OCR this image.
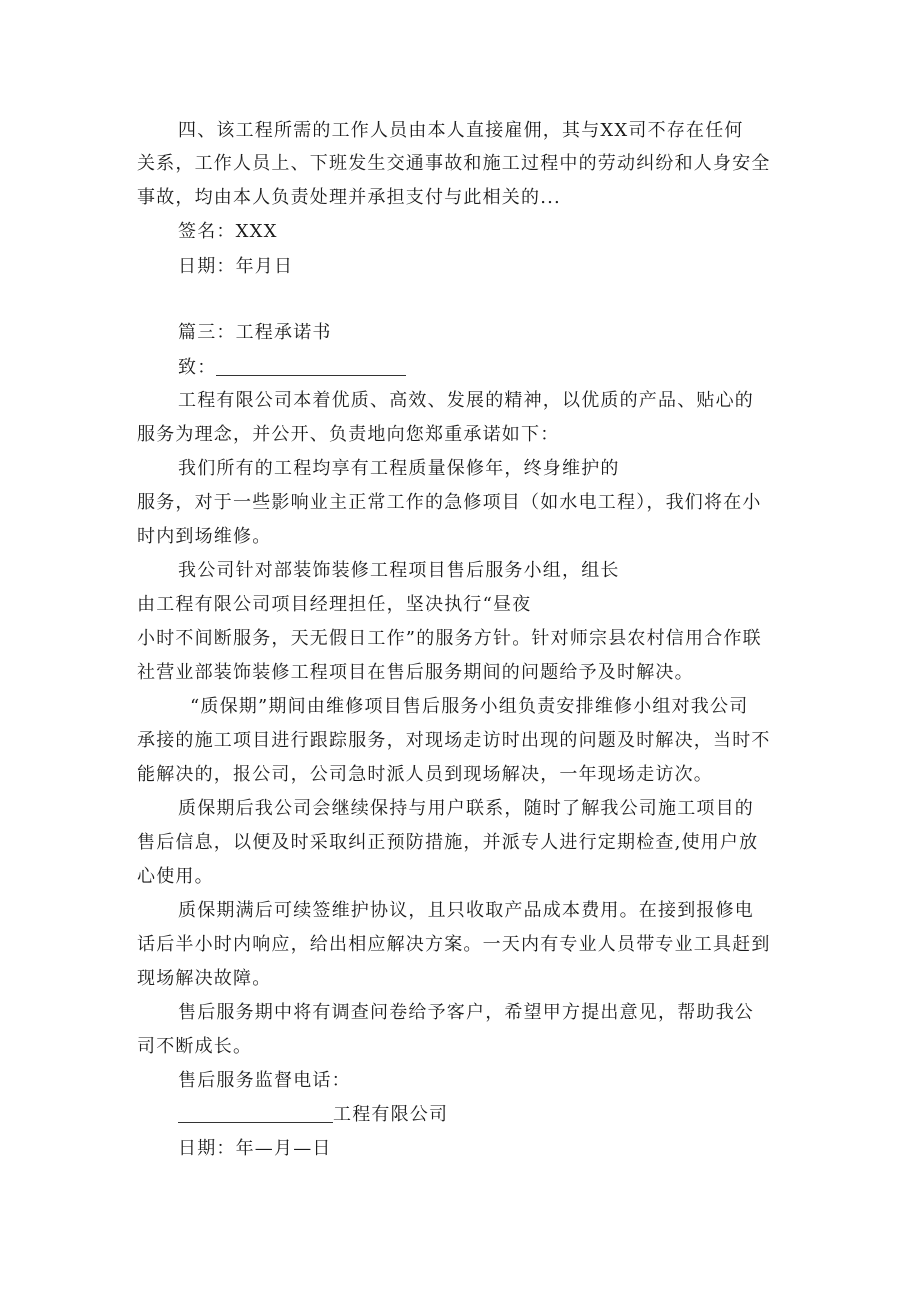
四、该工程所需的工作人员由本人直接雇佣，其与XX司不存在任何
关系，工作人员上、下班发生交通事故和施工过程中的劳动纠纷和人身安全
事故，均由本人负责处理并承担支付与此相关的...
签名：XXX
日期：年月日
篇三：工程承诺书
致：
工程有限公司本着优质、高效、发展的精神，以优质的产品、贴心的
服务为理念，并公开、负责地向您郑重承诺如下：
我们所有的工程均享有工程质量保修年，终身维护的
服务，对于一些影响业主正常工作的急修项目（如水电工程），我们将在小
时内到场维修。
我公司针对部装饰装修工程项目售后服务小组，组长
由工程有限公司项目经理担任，坚决执行“昼夜
小时不间断服务，天无假日工作”的服务方针。针对师宗县农村信用合作联
社营业部装饰装修工程项目在售后服务期间的问题给予及时解决。
“质保期”期间由维修项目售后服务小组负责安排维修小组对我公司
承接的施工项目进行跟踪服务，对现场走访时出现的问题及时解决，当时不
能解决的，报公司，公司急时派人员到现场解决，一年现场走访次。
质保期后我公司会继续保持与用户联系，随时了解我公司施工项目的
售后信息，以便及时采取纠正预防措施，并派专人进行定期检查,使用户放
心使用。
质保期满后可续签维护协议，且只收取产品成本费用。在接到报修电
话后半小时内响应，给出相应解决方案。一天内有专业人员带专业工具赶到
现场解决故障。
售后服务期中将有调查问卷给予客户，希望甲方提出意见，帮助我公
司不断成长。
售后服务监督电话：
工程有限公司
日期：年—月—日
